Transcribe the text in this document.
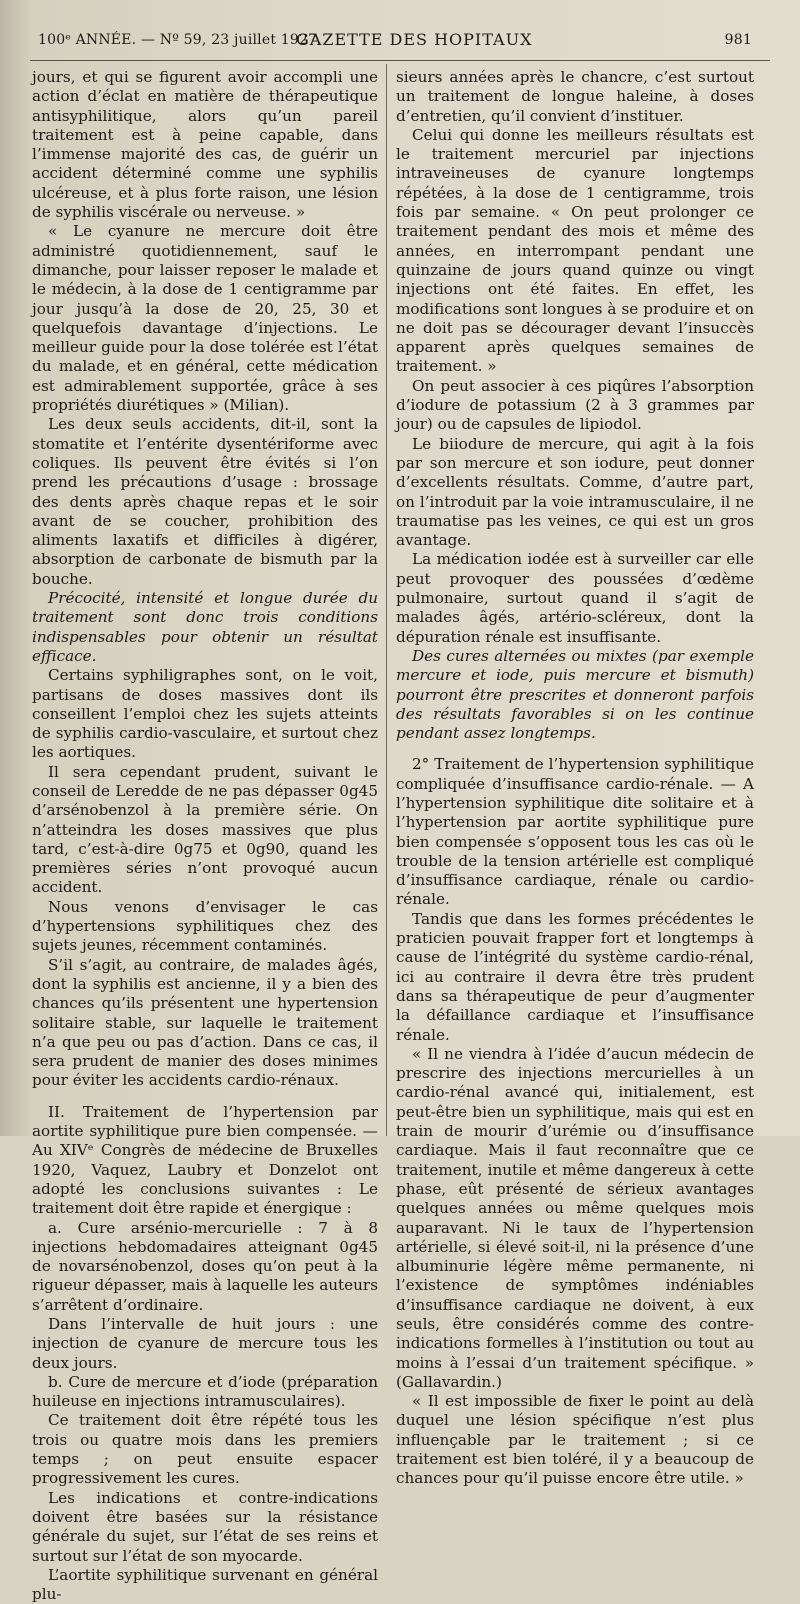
100ᵉ ANNÉE. — Nº 59, 23 juillet 1927.
GAZETTE DES HOPITAUX	981

jours, et qui se figurent avoir accompli une action d’éclat en matière de thérapeutique antisyphilitique, alors qu’un pareil traitement est à peine capable, dans l’immense majorité des cas, de guérir un accident déterminé comme une syphilis ulcéreuse, et à plus forte raison, une lésion de syphilis viscérale ou nerveuse. »

« Le cyanure ne mercure doit être administré quotidiennement, sauf le dimanche, pour laisser reposer le malade et le médecin, à la dose de 1 centigramme par jour jusqu’à la dose de 20, 25, 30 et quelquefois davantage d’injections. Le meilleur guide pour la dose tolérée est l’état du malade, et en général, cette médication est admirablement supportée, grâce à ses propriétés diurétiques » (Milian).

Les deux seuls accidents, dit-il, sont la stomatite et l’entérite dysentériforme avec coliques. Ils peuvent être évités si l’on prend les précautions d’usage : brossage des dents après chaque repas et le soir avant de se coucher, prohibition des aliments laxatifs et difficiles à digérer, absorption de carbonate de bismuth par la bouche.

Précocité, intensité et longue durée du traitement sont donc trois conditions indispensables pour obtenir un résultat efficace.

Certains syphiligraphes sont, on le voit, partisans de doses massives dont ils conseillent l’emploi chez les sujets atteints de syphilis cardio-vasculaire, et surtout chez les aortiques.

Il sera cependant prudent, suivant le conseil de Leredde de ne pas dépasser 0g45 d’arsénobenzol à la première série. On n’atteindra les doses massives que plus tard, c’est-à-dire 0g75 et 0g90, quand les premières séries n’ont provoqué aucun accident.

Nous venons d’envisager le cas d’hypertensions syphilitiques chez des sujets jeunes, récemment contaminés.

S’il s’agit, au contraire, de malades âgés, dont la syphilis est ancienne, il y a bien des chances qu’ils présentent une hypertension solitaire stable, sur laquelle le traitement n’a que peu ou pas d’action. Dans ce cas, il sera prudent de manier des doses minimes pour éviter les accidents cardio-rénaux.

II. Traitement de l’hypertension par aortite syphilitique pure bien compensée. — Au XIVᵉ Congrès de médecine de Bruxelles 1920, Vaquez, Laubry et Donzelot ont adopté les conclusions suivantes : Le traitement doit être rapide et énergique :

a. Cure arsénio-mercurielle : 7 à 8 injections hebdomadaires atteignant 0g45 de novarsénobenzol, doses qu’on peut à la rigueur dépasser, mais à laquelle les auteurs s’arrêtent d’ordinaire.

Dans l’intervalle de huit jours : une injection de cyanure de mercure tous les deux jours.

b. Cure de mercure et d’iode (préparation huileuse en injections intramusculaires).

Ce traitement doit être répété tous les trois ou quatre mois dans les premiers temps ; on peut ensuite espacer progressivement les cures.

Les indications et contre-indications doivent être basées sur la résistance générale du sujet, sur l’état de ses reins et surtout sur l’état de son myocarde.

L’aortite syphilitique survenant en général plu-

sieurs années après le chancre, c’est surtout un traitement de longue haleine, à doses d’entretien, qu’il convient d’instituer.

Celui qui donne les meilleurs résultats est le traitement mercuriel par injections intraveineuses de cyanure longtemps répétées, à la dose de 1 centigramme, trois fois par semaine. « On peut prolonger ce traitement pendant des mois et même des années, en interrompant pendant une quinzaine de jours quand quinze ou vingt injections ont été faites. En effet, les modifications sont longues à se produire et on ne doit pas se décourager devant l’insuccès apparent après quelques semaines de traitement. »

On peut associer à ces piqûres l’absorption d’iodure de potassium (2 à 3 grammes par jour) ou de capsules de lipiodol.

Le biiodure de mercure, qui agit à la fois par son mercure et son iodure, peut donner d’excellents résultats. Comme, d’autre part, on l’introduit par la voie intramusculaire, il ne traumatise pas les veines, ce qui est un gros avantage.

La médication iodée est à surveiller car elle peut provoquer des poussées d’œdème pulmonaire, surtout quand il s’agit de malades âgés, artério-scléreux, dont la dépuration rénale est insuffisante.

Des cures alternées ou mixtes (par exemple mercure et iode, puis mercure et bismuth) pourront être prescrites et donneront parfois des résultats favorables si on les continue pendant assez longtemps.

2° Traitement de l’hypertension syphilitique compliquée d’insuffisance cardio-rénale. — A l’hypertension syphilitique dite solitaire et à l’hypertension par aortite syphilitique pure bien compensée s’opposent tous les cas où le trouble de la tension artérielle est compliqué d’insuffisance cardiaque, rénale ou cardio-rénale.

Tandis que dans les formes précédentes le praticien pouvait frapper fort et longtemps à cause de l’intégrité du système cardio-rénal, ici au contraire il devra être très prudent dans sa thérapeutique de peur d’augmenter la défaillance cardiaque et l’insuffisance rénale.

« Il ne viendra à l’idée d’aucun médecin de prescrire des injections mercurielles à un cardio-rénal avancé qui, initialement, est peut-être bien un syphilitique, mais qui est en train de mourir d’urémie ou d’insuffisance cardiaque. Mais il faut reconnaître que ce traitement, inutile et même dangereux à cette phase, eût présenté de sérieux avantages quelques années ou même quelques mois auparavant. Ni le taux de l’hypertension artérielle, si élevé soit-il, ni la présence d’une albuminurie légère même permanente, ni l’existence de symptômes indéniables d’insuffisance cardiaque ne doivent, à eux seuls, être considérés comme des contre-indications formelles à l’institution ou tout au moins à l’essai d’un traitement spécifique. » (Gallavardin.)

« Il est impossible de fixer le point au delà duquel une lésion spécifique n’est plus influençable par le traitement ; si ce traitement est bien toléré, il y a beaucoup de chances pour qu’il puisse encore être utile. »
